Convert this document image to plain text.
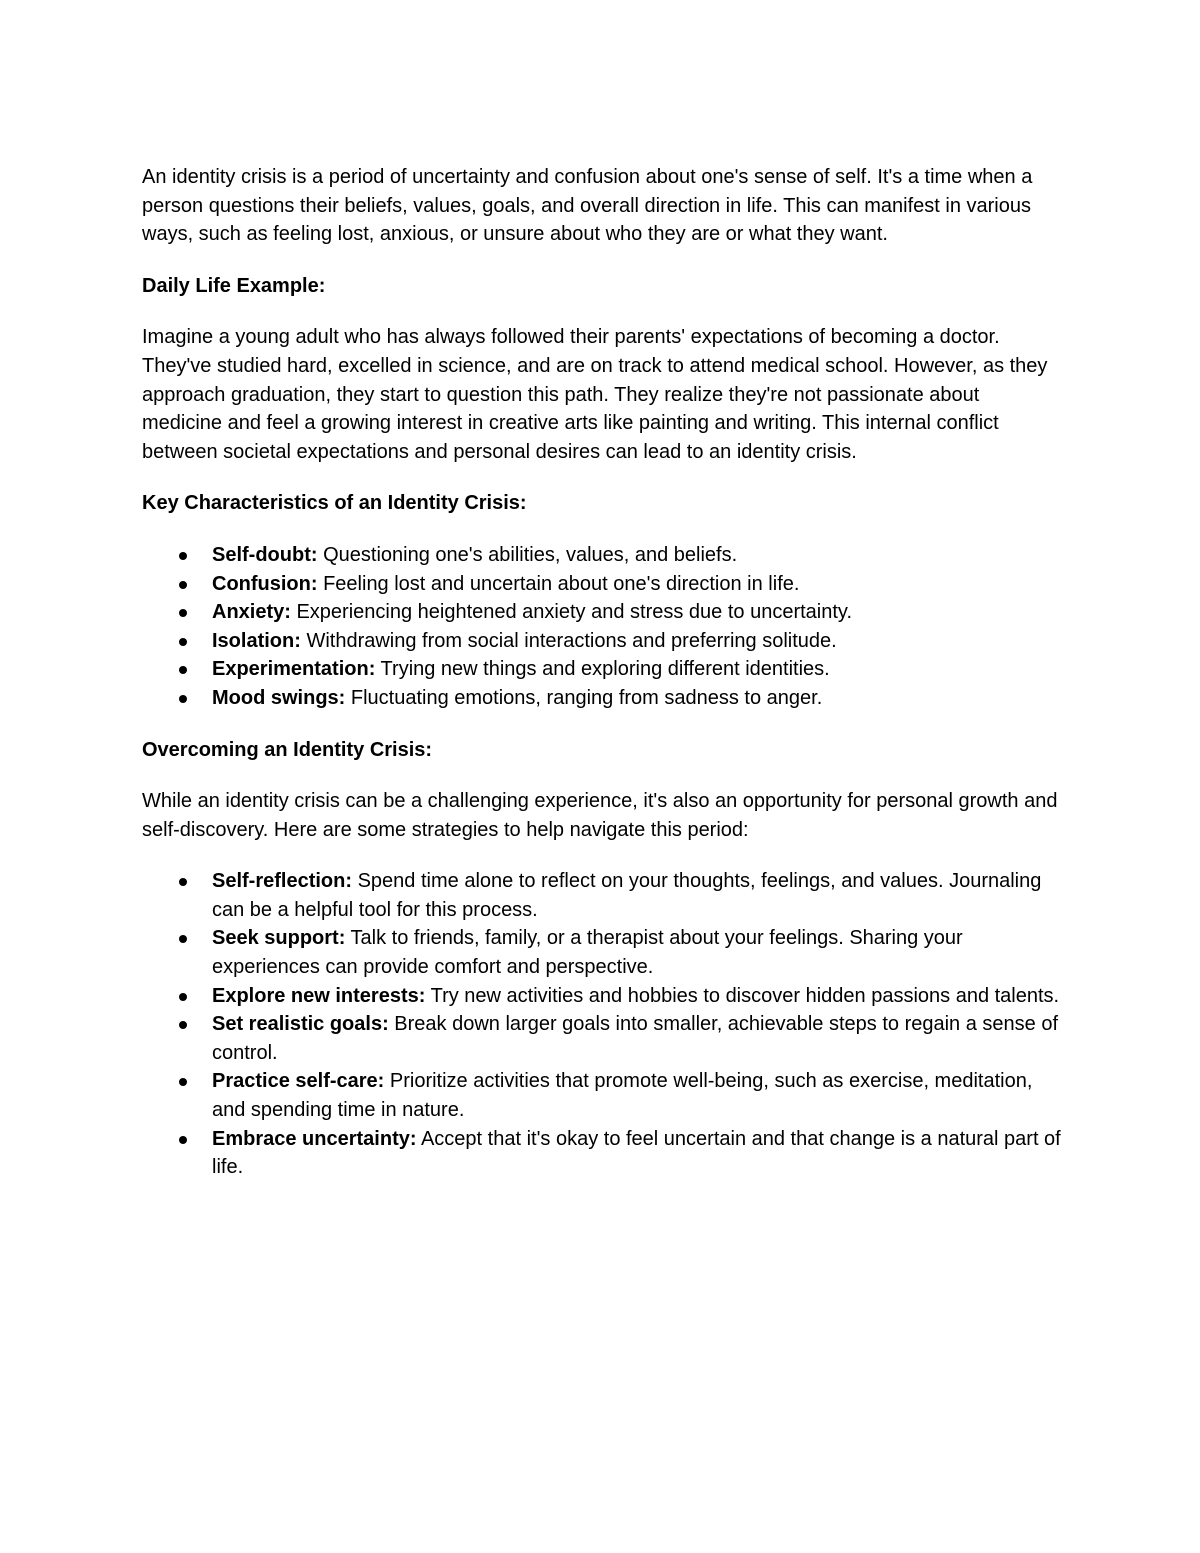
An identity crisis is a period of uncertainty and confusion about one's sense of self. It's a time when a person questions their beliefs, values, goals, and overall direction in life. This can manifest in various ways, such as feeling lost, anxious, or unsure about who they are or what they want.

Daily Life Example:

Imagine a young adult who has always followed their parents' expectations of becoming a doctor. They've studied hard, excelled in science, and are on track to attend medical school. However, as they approach graduation, they start to question this path. They realize they're not passionate about medicine and feel a growing interest in creative arts like painting and writing. This internal conflict between societal expectations and personal desires can lead to an identity crisis.

Key Characteristics of an Identity Crisis:

Self-doubt: Questioning one's abilities, values, and beliefs.
Confusion: Feeling lost and uncertain about one's direction in life.
Anxiety: Experiencing heightened anxiety and stress due to uncertainty.
Isolation: Withdrawing from social interactions and preferring solitude.
Experimentation: Trying new things and exploring different identities.
Mood swings: Fluctuating emotions, ranging from sadness to anger.

Overcoming an Identity Crisis:

While an identity crisis can be a challenging experience, it's also an opportunity for personal growth and self-discovery. Here are some strategies to help navigate this period:

Self-reflection: Spend time alone to reflect on your thoughts, feelings, and values. Journaling can be a helpful tool for this process.
Seek support: Talk to friends, family, or a therapist about your feelings. Sharing your experiences can provide comfort and perspective.
Explore new interests: Try new activities and hobbies to discover hidden passions and talents.
Set realistic goals: Break down larger goals into smaller, achievable steps to regain a sense of control.
Practice self-care: Prioritize activities that promote well-being, such as exercise, meditation, and spending time in nature.
Embrace uncertainty: Accept that it's okay to feel uncertain and that change is a natural part of life.
